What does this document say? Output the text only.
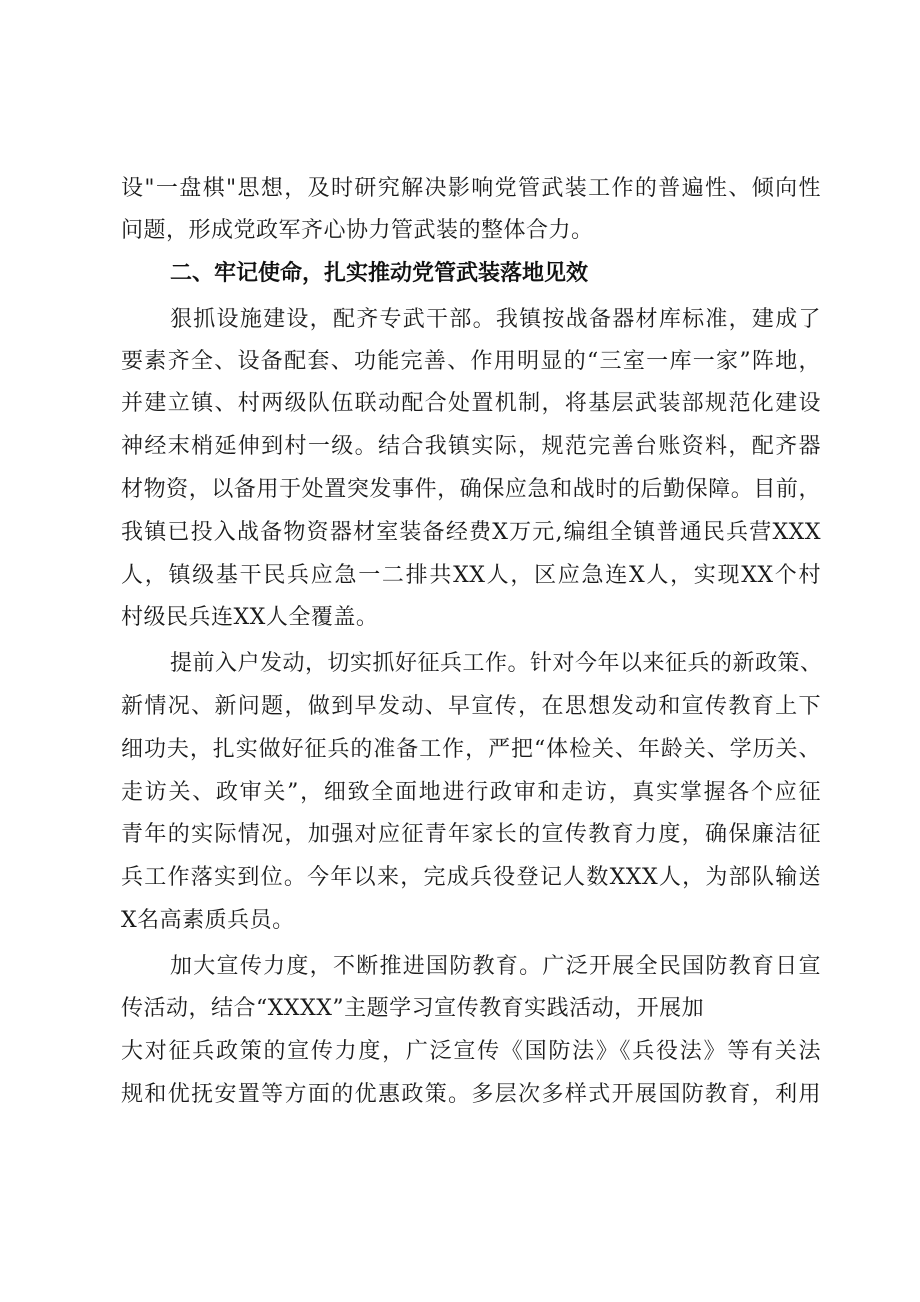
设"一盘棋"思想，及时研究解决影响党管武装工作的普遍性、倾向性
问题，形成党政军齐心协力管武装的整体合力。
二、牢记使命，扎实推动党管武装落地见效
狠抓设施建设，配齐专武干部。我镇按战备器材库标准，建成了
要素齐全、设备配套、功能完善、作用明显的“三室一库一家”阵地，
并建立镇、村两级队伍联动配合处置机制，将基层武装部规范化建设
神经末梢延伸到村一级。结合我镇实际，规范完善台账资料，配齐器
材物资，以备用于处置突发事件，确保应急和战时的后勤保障。目前，
我镇已投入战备物资器材室装备经费X万元,编组全镇普通民兵营XXX
人，镇级基干民兵应急一二排共XX人，区应急连X人，实现XX个村
村级民兵连XX人全覆盖。
提前入户发动，切实抓好征兵工作。针对今年以来征兵的新政策、
新情况、新问题，做到早发动、早宣传，在思想发动和宣传教育上下
细功夫，扎实做好征兵的准备工作，严把“体检关、年龄关、学历关、
走访关、政审关”，细致全面地进行政审和走访，真实掌握各个应征
青年的实际情况，加强对应征青年家长的宣传教育力度，确保廉洁征
兵工作落实到位。今年以来，完成兵役登记人数XXX人，为部队输送
X名高素质兵员。
加大宣传力度，不断推进国防教育。广泛开展全民国防教育日宣
传活动，结合“XXXX”主题学习宣传教育实践活动，开展加
大对征兵政策的宣传力度，广泛宣传《国防法》《兵役法》等有关法
规和优抚安置等方面的优惠政策。多层次多样式开展国防教育，利用
